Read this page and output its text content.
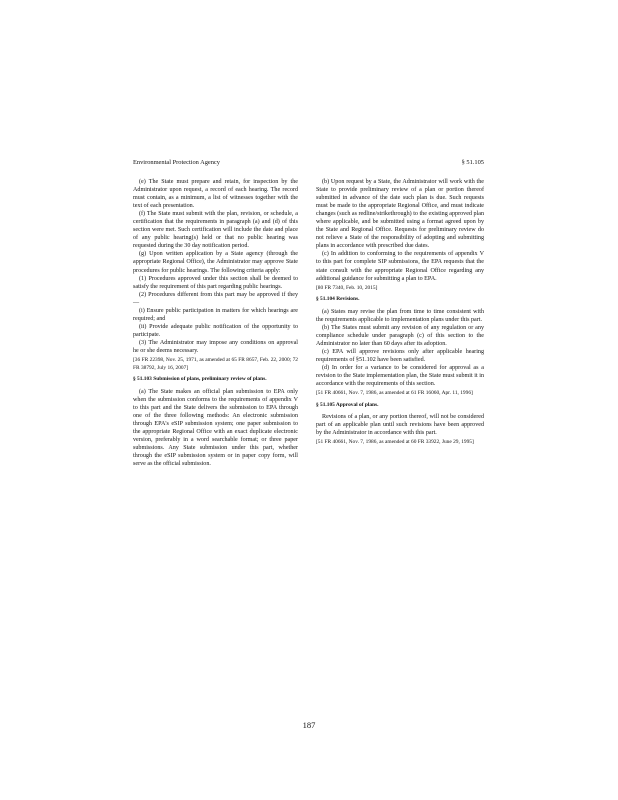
Environmental Protection Agency	§ 51.105
(e) The State must prepare and retain, for inspection by the Administrator upon request, a record of each hearing. The record must contain, as a minimum, a list of witnesses together with the text of each presentation.
(f) The State must submit with the plan, revision, or schedule, a certification that the requirements in paragraph (a) and (d) of this section were met. Such certification will include the date and place of any public hearing(s) held or that no public hearing was requested during the 30 day notification period.
(g) Upon written application by a State agency (through the appropriate Regional Office), the Administrator may approve State procedures for public hearings. The following criteria apply:
(1) Procedures approved under this section shall be deemed to satisfy the requirement of this part regarding public hearings.
(2) Procedures different from this part may be approved if they—
(i) Ensure public participation in matters for which hearings are required; and
(ii) Provide adequate public notification of the opportunity to participate.
(3) The Administrator may impose any conditions on approval he or she deems necessary.
[36 FR 22398, Nov. 25, 1971, as amended at 65 FR 8657, Feb. 22, 2000; 72 FR 38792, July 16, 2007]
§ 51.103 Submission of plans, preliminary review of plans.
(a) The State makes an official plan submission to EPA only when the submission conforms to the requirements of appendix V to this part and the State delivers the submission to EPA through one of the three following methods: An electronic submission through EPA's eSIP submission system; one paper submission to the appropriate Regional Office with an exact duplicate electronic version, preferably in a word searchable format; or three paper submissions. Any State submission under this part, whether through the eSIP submission system or in paper copy form, will serve as the official submission.
(b) Upon request by a State, the Administrator will work with the State to provide preliminary review of a plan or portion thereof submitted in advance of the date such plan is due. Such requests must be made to the appropriate Regional Office, and must indicate changes (such as redline/strikethrough) to the existing approved plan where applicable, and be submitted using a format agreed upon by the State and Regional Office. Requests for preliminary review do not relieve a State of the responsibility of adopting and submitting plans in accordance with prescribed due dates.
(c) In addition to conforming to the requirements of appendix V to this part for complete SIP submissions, the EPA requests that the state consult with the appropriate Regional Office regarding any additional guidance for submitting a plan to EPA.
[80 FR 7340, Feb. 10, 2015]
§ 51.104 Revisions.
(a) States may revise the plan from time to time consistent with the requirements applicable to implementation plans under this part.
(b) The States must submit any revision of any regulation or any compliance schedule under paragraph (c) of this section to the Administrator no later than 60 days after its adoption.
(c) EPA will approve revisions only after applicable hearing requirements of §51.102 have been satisfied.
(d) In order for a variance to be considered for approval as a revision to the State implementation plan, the State must submit it in accordance with the requirements of this section.
[51 FR 40661, Nov. 7, 1986, as amended at 61 FR 16060, Apr. 11, 1996]
§ 51.105 Approval of plans.
Revisions of a plan, or any portion thereof, will not be considered part of an applicable plan until such revisions have been approved by the Administrator in accordance with this part.
[51 FR 40661, Nov. 7, 1986, as amended at 60 FR 33922, June 29, 1995]
187
